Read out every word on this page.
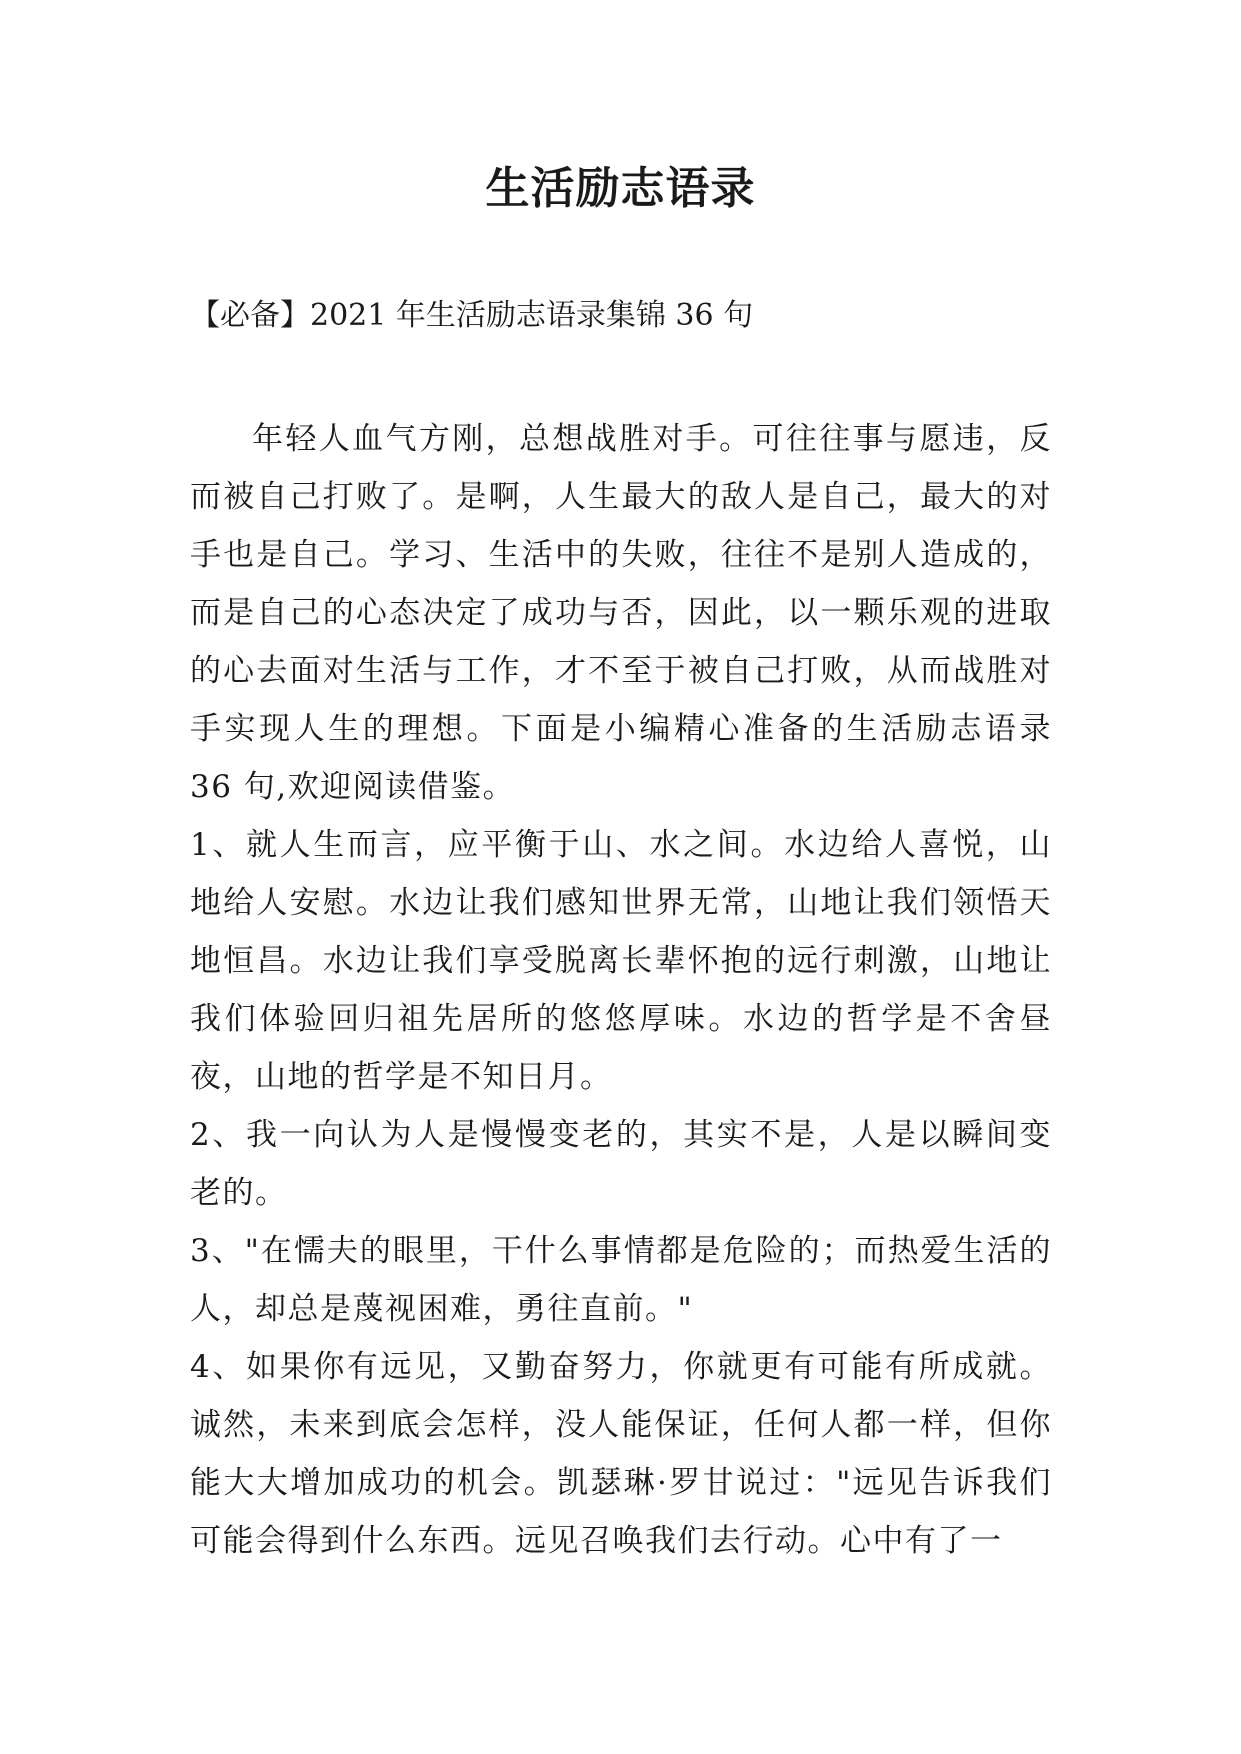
生活励志语录

【必备】2021 年生活励志语录集锦 36 句

年轻人血气方刚，总想战胜对手。可往往事与愿违，反而被自己打败了。是啊，人生最大的敌人是自己，最大的对手也是自己。学习、生活中的失败，往往不是别人造成的，而是自己的心态决定了成功与否，因此，以一颗乐观的进取的心去面对生活与工作，才不至于被自己打败，从而战胜对手实现人生的理想。下面是小编精心准备的生活励志语录 36 句,欢迎阅读借鉴。

1、就人生而言，应平衡于山、水之间。水边给人喜悦，山地给人安慰。水边让我们感知世界无常，山地让我们领悟天地恒昌。水边让我们享受脱离长辈怀抱的远行刺激，山地让我们体验回归祖先居所的悠悠厚味。水边的哲学是不舍昼夜，山地的哲学是不知日月。

2、我一向认为人是慢慢变老的，其实不是，人是以瞬间变老的。

3、"在懦夫的眼里，干什么事情都是危险的；而热爱生活的人，却总是蔑视困难，勇往直前。"

4、如果你有远见，又勤奋努力，你就更有可能有所成就。诚然，未来到底会怎样，没人能保证，任何人都一样，但你能大大增加成功的机会。凯瑟琳·罗甘说过："远见告诉我们可能会得到什么东西。远见召唤我们去行动。心中有了一
